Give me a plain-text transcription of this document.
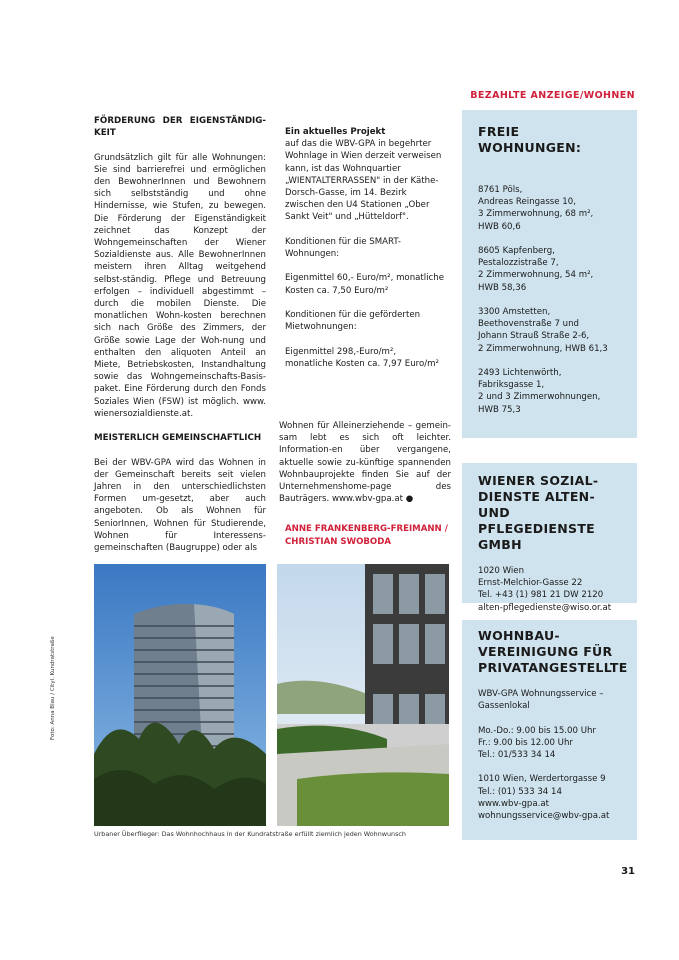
BEZAHLTE ANZEIGE/WOHNEN
FÖRDERUNG DER EIGENSTÄNDIG-KEIT

Grundsätzlich gilt für alle Wohnungen: Sie sind barrierefrei und ermöglichen den BewohnerInnen und Bewohnern sich selbstständig und ohne Hindernisse, wie Stufen, zu bewegen. Die Förderung der Eigenständigkeit zeichnet das Konzept der Wohngemeinschaften der Wiener Sozialdienste aus. Alle BewohnerInnen meistern ihren Alltag weitgehend selbst-ständig. Pflege und Betreuung erfolgen – individuell abgestimmt – durch die mobilen Dienste. Die monatlichen Wohn-kosten berechnen sich nach Größe des Zimmers, der Größe sowie Lage der Woh-nung und enthalten den aliquoten Anteil an Miete, Betriebskosten, Instandhaltung sowie das Wohngemeinschafts-Basis-paket. Eine Förderung durch den Fonds Soziales Wien (FSW) ist möglich. www. wienersozialdienste.at.

MEISTERLICH GEMEINSCHAFTLICH

Bei der WBV-GPA wird das Wohnen in der Gemeinschaft bereits seit vielen Jahren in den unterschiedlichsten Formen um-gesetzt, aber auch angeboten. Ob als Wohnen für SeniorInnen, Wohnen für Studierende, Wohnen für Interessens-gemeinschaften (Baugruppe) oder als

Ein aktuelles Projekt

auf das die WBV-GPA in begehrter Wohnlage in Wien derzeit verweisen kann, ist das Wohnquartier „WIENTALTERRASSEN" in der Käthe-Dorsch-Gasse, im 14. Bezirk zwischen den U4 Stationen „Ober Sankt Veit" und „Hütteldorf".

Konditionen für die SMART-Wohnungen:

Eigenmittel 60,- Euro/m², monatliche Kosten ca. 7,50 Euro/m²

Konditionen für die geförderten Mietwohnungen:

Eigenmittel 298,-Euro/m², monatliche Kosten ca. 7,97 Euro/m²

Wohnen für Alleinerziehende – gemein-sam lebt es sich oft leichter. Information-en über vergangene, aktuelle sowie zu-künftige spannenden Wohnbauprojekte finden Sie auf der Unternehmenshome-page des Bauträgers. www.wbv-gpa.at ●

ANNE FRANKENBERG-FREIMANN /
CHRISTIAN SWOBODA
FREIE WOHNUNGEN:

8761 Pöls,

Andreas Reingasse 10,

3 Zimmerwohnung, 68 m²,

HWB 60,6

8605 Kapfenberg,

Pestalozzistraße 7,

2 Zimmerwohnung, 54 m²,

HWB 58,36

3300 Amstetten,

Beethovenstraße 7 und

Johann Strauß Straße 2-6,

2 Zimmerwohnung, HWB 61,3

2493 Lichtenwörth,

Fabriksgasse 1,

2 und 3 Zimmerwohnungen,

HWB 75,3

WIENER SOZIAL-
DIENSTE ALTEN- UND
PFLEGEDIENSTE GMBH

1020 Wien

Ernst-Melchior-Gasse 22

Tel. +43 (1) 981 21 DW 2120

alten-pflegedienste@wiso.or.at

WOHNBAU-
VEREINIGUNG FÜR
PRIVATANGESTELLTE

WBV-GPA Wohnungsservice –

Gassenlokal

Mo.-Do.: 9.00 bis 15.00 Uhr

Fr.: 9.00 bis 12.00 Uhr

Tel.: 01/533 34 14

1010 Wien, Werdertorgasse 9

Tel.: (01) 533 34 14

www.wbv-gpa.at

wohnungsservice@wbv-gpa.at

Urbaner Überflieger: Das Wohnhochhaus in der Kundratstraße erfüllt ziemlich jeden Wohnwunsch
Foto: Anna Blau / Cityl. Kundratstraße
31
